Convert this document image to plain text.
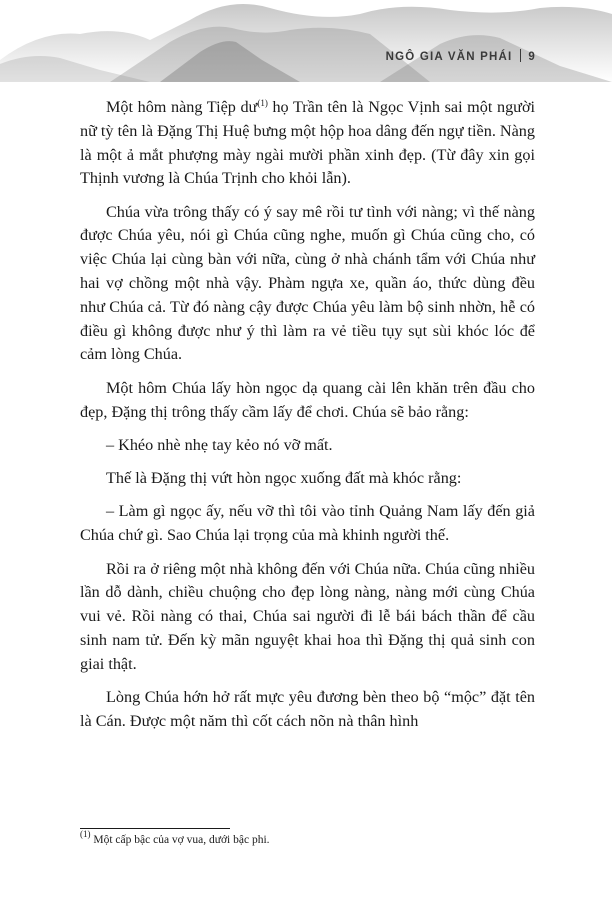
NGÔ GIA VĂN PHÁI 9

Một hôm nàng Tiệp $dư^{(1)}$ họ Trần tên là Ngọc Vịnh sai một người nữ tỳ tên là Đặng Thị Huệ bưng một hộp hoa dâng đến ngự tiền. Nàng là một ả mắt phượng mày ngài mười phần xinh đẹp. (Từ đây xin gọi Thịnh vương là Chúa Trịnh cho khỏi lẫn).

Chúa vừa trông thấy có ý say mê rồi tư tình với nàng; vì thế nàng được Chúa yêu, nói gì Chúa cũng nghe, muốn gì Chúa cũng cho, có việc Chúa lại cùng bàn với nữa, cùng ở nhà chánh tẩm với Chúa như hai vợ chồng một nhà vậy. Phàm ngựa xe, quần áo, thức dùng đều như Chúa cả. Từ đó nàng cậy được Chúa yêu làm bộ sinh nhờn, hễ có điều gì không được như ý thì làm ra vẻ tiều tụy sụt sùi khóc lóc để cảm lòng Chúa.

Một hôm Chúa lấy hòn ngọc dạ quang cài lên khăn trên đầu cho đẹp, Đặng thị trông thấy cầm lấy để chơi. Chúa sẽ bảo rằng:

– Khéo nhè nhẹ tay kẻo nó vỡ mất.

Thế là Đặng thị vứt hòn ngọc xuống đất mà khóc rằng:

– Làm gì ngọc ấy, nếu vỡ thì tôi vào tỉnh Quảng Nam lấy đến giả Chúa chứ gì. Sao Chúa lại trọng của mà khinh người thế.

Rồi ra ở riêng một nhà không đến với Chúa nữa. Chúa cũng nhiều lần dỗ dành, chiều chuộng cho đẹp lòng nàng, nàng mới cùng Chúa vui vẻ. Rồi nàng có thai, Chúa sai người đi lễ bái bách thần để cầu sinh nam tử. Đến kỳ mãn nguyệt khai hoa thì Đặng thị quả sinh con giai thật.

Lòng Chúa hớn hở rất mực yêu đương bèn theo bộ “mộc” đặt tên là Cán. Được một năm thì cốt cách nõn nà thân hình

$^{(1)}$ Một cấp bậc của vợ vua, dưới bậc phi.
